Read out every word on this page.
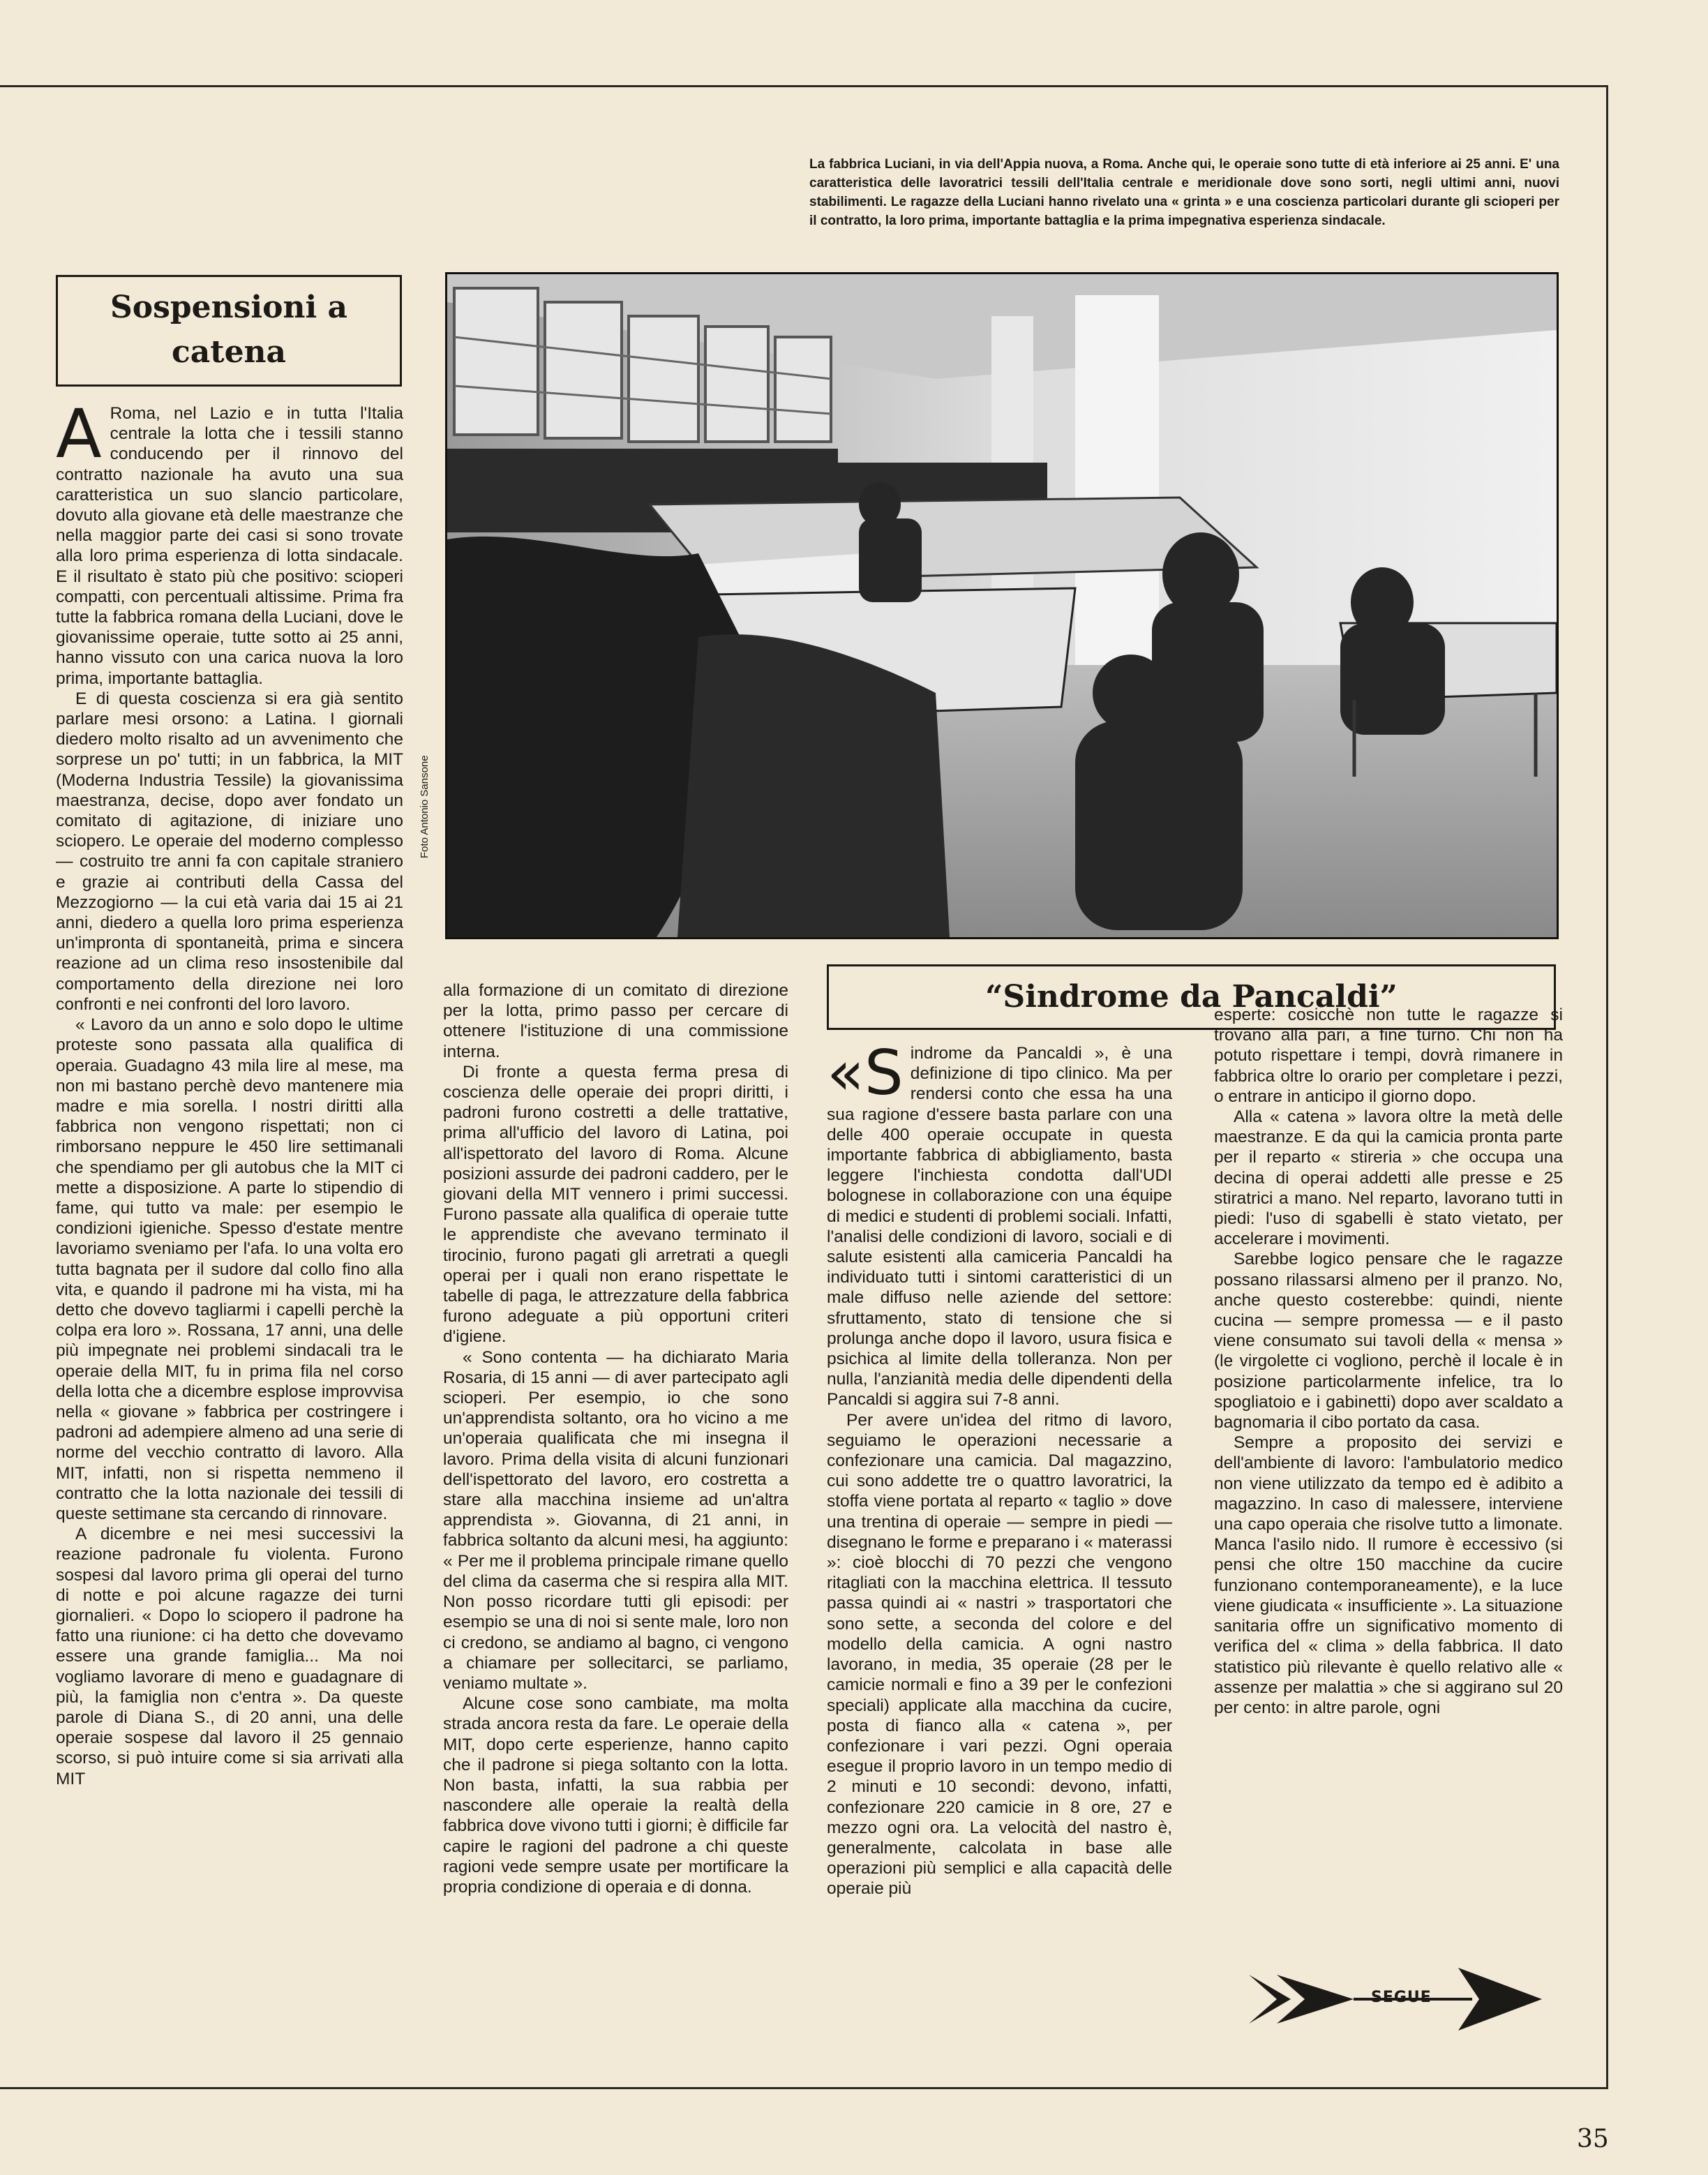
La fabbrica Luciani, in via dell'Appia nuova, a Roma. Anche qui, le operaie sono tutte di età inferiore ai 25 anni. E' una caratteristica delle lavoratrici tessili dell'Italia centrale e meridionale dove sono sorti, negli ultimi anni, nuovi stabilimenti. Le ragazze della Luciani hanno rivelato una « grinta » e una coscienza particolari durante gli scioperi per il contratto, la loro prima, importante battaglia e la prima impegnativa esperienza sindacale.
Sospensioni a catena
Foto Antonio Sansone

A Roma, nel Lazio e in tutta l'Italia centrale la lotta che i tessili stanno conducendo per il rinnovo del contratto nazionale ha avuto una sua caratteristica un suo slancio particolare, dovuto alla giovane età delle maestranze che nella maggior parte dei casi si sono trovate alla loro prima esperienza di lotta sindacale. E il risultato è stato più che positivo: scioperi compatti, con percentuali altissime. Prima fra tutte la fabbrica romana della Luciani, dove le giovanissime operaie, tutte sotto ai 25 anni, hanno vissuto con una carica nuova la loro prima, importante battaglia.

E di questa coscienza si era già sentito parlare mesi orsono: a Latina. I giornali diedero molto risalto ad un avvenimento che sorprese un po' tutti; in un fabbrica, la MIT (Moderna Industria Tessile) la giovanissima maestranza, decise, dopo aver fondato un comitato di agitazione, di iniziare uno sciopero. Le operaie del moderno complesso — costruito tre anni fa con capitale straniero e grazie ai contributi della Cassa del Mezzogiorno — la cui età varia dai 15 ai 21 anni, diedero a quella loro prima esperienza un'impronta di spontaneità, prima e sincera reazione ad un clima reso insostenibile dal comportamento della direzione nei loro confronti e nei confronti del loro lavoro.

« Lavoro da un anno e solo dopo le ultime proteste sono passata alla qualifica di operaia. Guadagno 43 mila lire al mese, ma non mi bastano perchè devo mantenere mia madre e mia sorella. I nostri diritti alla fabbrica non vengono rispettati; non ci rimborsano neppure le 450 lire settimanali che spendiamo per gli autobus che la MIT ci mette a disposizione. A parte lo stipendio di fame, qui tutto va male: per esempio le condizioni igieniche. Spesso d'estate mentre lavoriamo sveniamo per l'afa. Io una volta ero tutta bagnata per il sudore dal collo fino alla vita, e quando il padrone mi ha vista, mi ha detto che dovevo tagliarmi i capelli perchè la colpa era loro ». Rossana, 17 anni, una delle più impegnate nei problemi sindacali tra le operaie della MIT, fu in prima fila nel corso della lotta che a dicembre esplose improvvisa nella « giovane » fabbrica per costringere i padroni ad adempiere almeno ad una serie di norme del vecchio contratto di lavoro. Alla MIT, infatti, non si rispetta nemmeno il contratto che la lotta nazionale dei tessili di queste settimane sta cercando di rinnovare.

A dicembre e nei mesi successivi la reazione padronale fu violenta. Furono sospesi dal lavoro prima gli operai del turno di notte e poi alcune ragazze dei turni giornalieri. « Dopo lo sciopero il padrone ha fatto una riunione: ci ha detto che dovevamo essere una grande famiglia... Ma noi vogliamo lavorare di meno e guadagnare di più, la famiglia non c'entra ». Da queste parole di Diana S., di 20 anni, una delle operaie sospese dal lavoro il 25 gennaio scorso, si può intuire come si sia arrivati alla MIT

alla formazione di un comitato di direzione per la lotta, primo passo per cercare di ottenere l'istituzione di una commissione interna.

Di fronte a questa ferma presa di coscienza delle operaie dei propri diritti, i padroni furono costretti a delle trattative, prima all'ufficio del lavoro di Latina, poi all'ispettorato del lavoro di Roma. Alcune posizioni assurde dei padroni caddero, per le giovani della MIT vennero i primi successi. Furono passate alla qualifica di operaie tutte le apprendiste che avevano terminato il tirocinio, furono pagati gli arretrati a quegli operai per i quali non erano rispettate le tabelle di paga, le attrezzature della fabbrica furono adeguate a più opportuni criteri d'igiene.

« Sono contenta — ha dichiarato Maria Rosaria, di 15 anni — di aver partecipato agli scioperi. Per esempio, io che sono un'apprendista soltanto, ora ho vicino a me un'operaia qualificata che mi insegna il lavoro. Prima della visita di alcuni funzionari dell'ispettorato del lavoro, ero costretta a stare alla macchina insieme ad un'altra apprendista ». Giovanna, di 21 anni, in fabbrica soltanto da alcuni mesi, ha aggiunto: « Per me il problema principale rimane quello del clima da caserma che si respira alla MIT. Non posso ricordare tutti gli episodi: per esempio se una di noi si sente male, loro non ci credono, se andiamo al bagno, ci vengono a chiamare per sollecitarci, se parliamo, veniamo multate ».

Alcune cose sono cambiate, ma molta strada ancora resta da fare. Le operaie della MIT, dopo certe esperienze, hanno capito che il padrone si piega soltanto con la lotta. Non basta, infatti, la sua rabbia per nascondere alle operaie la realtà della fabbrica dove vivono tutti i giorni; è difficile far capire le ragioni del padrone a chi queste ragioni vede sempre usate per mortificare la propria condizione di operaia e di donna.

“Sindrome da Pancaldi”

«Sindrome da Pancaldi », è una definizione di tipo clinico. Ma per rendersi conto che essa ha una sua ragione d'essere basta parlare con una delle 400 operaie occupate in questa importante fabbrica di abbigliamento, basta leggere l'inchiesta condotta dall'UDI bolognese in collaborazione con una équipe di medici e studenti di problemi sociali. Infatti, l'analisi delle condizioni di lavoro, sociali e di salute esistenti alla camiceria Pancaldi ha individuato tutti i sintomi caratteristici di un male diffuso nelle aziende del settore: sfruttamento, stato di tensione che si prolunga anche dopo il lavoro, usura fisica e psichica al limite della tolleranza. Non per nulla, l'anzianità media delle dipendenti della Pancaldi si aggira sui 7-8 anni.

Per avere un'idea del ritmo di lavoro, seguiamo le operazioni necessarie a confezionare una camicia. Dal magazzino, cui sono addette tre o quattro lavoratrici, la stoffa viene portata al reparto « taglio » dove una trentina di operaie — sempre in piedi — disegnano le forme e preparano i « materassi »: cioè blocchi di 70 pezzi che vengono ritagliati con la macchina elettrica. Il tessuto passa quindi ai « nastri » trasportatori che sono sette, a seconda del colore e del modello della camicia. A ogni nastro lavorano, in media, 35 operaie (28 per le camicie normali e fino a 39 per le confezioni speciali) applicate alla macchina da cucire, posta di fianco alla « catena », per confezionare i vari pezzi. Ogni operaia esegue il proprio lavoro in un tempo medio di 2 minuti e 10 secondi: devono, infatti, confezionare 220 camicie in 8 ore, 27 e mezzo ogni ora. La velocità del nastro è, generalmente, calcolata in base alle operazioni più semplici e alla capacità delle operaie più

esperte: cosicchè non tutte le ragazze si trovano alla pari, a fine turno. Chi non ha potuto rispettare i tempi, dovrà rimanere in fabbrica oltre lo orario per completare i pezzi, o entrare in anticipo il giorno dopo.

Alla « catena » lavora oltre la metà delle maestranze. E da qui la camicia pronta parte per il reparto « stireria » che occupa una decina di operai addetti alle presse e 25 stiratrici a mano. Nel reparto, lavorano tutti in piedi: l'uso di sgabelli è stato vietato, per accelerare i movimenti.

Sarebbe logico pensare che le ragazze possano rilassarsi almeno per il pranzo. No, anche questo costerebbe: quindi, niente cucina — sempre promessa — e il pasto viene consumato sui tavoli della « mensa » (le virgolette ci vogliono, perchè il locale è in posizione particolarmente infelice, tra lo spogliatoio e i gabinetti) dopo aver scaldato a bagnomaria il cibo portato da casa.

Sempre a proposito dei servizi e dell'ambiente di lavoro: l'ambulatorio medico non viene utilizzato da tempo ed è adibito a magazzino. In caso di malessere, interviene una capo operaia che risolve tutto a limonate. Manca l'asilo nido. Il rumore è eccessivo (si pensi che oltre 150 macchine da cucire funzionano contemporaneamente), e la luce viene giudicata « insufficiente ». La situazione sanitaria offre un significativo momento di verifica del « clima » della fabbrica. Il dato statistico più rilevante è quello relativo alle « assenze per malattia » che si aggirano sul 20 per cento: in altre parole, ogni

SEGUE
35
